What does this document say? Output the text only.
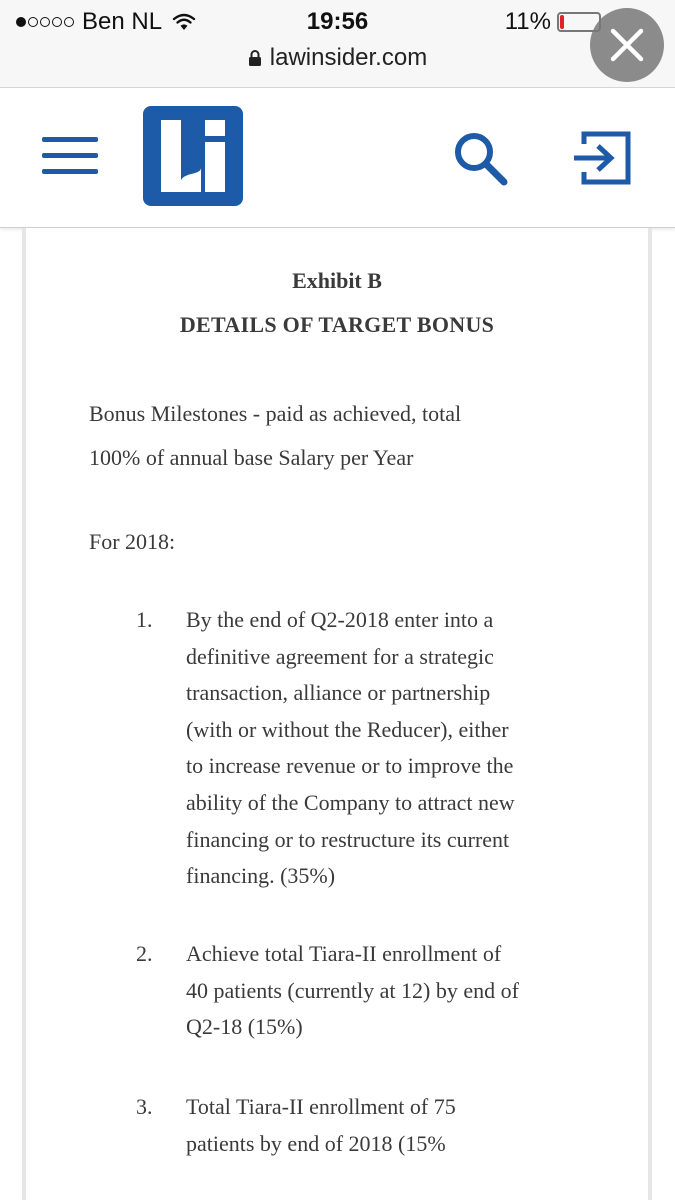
Ben NL	19:56	11%
lawinsider.com
Exhibit B
DETAILS OF TARGET BONUS
Bonus Milestones - paid as achieved, total
100% of annual base Salary per Year
For 2018:
1. By the end of Q2-2018 enter into a
definitive agreement for a strategic
transaction, alliance or partnership
(with or without the Reducer), either
to increase revenue or to improve the
ability of the Company to attract new
financing or to restructure its current
financing. (35%)
2. Achieve total Tiara-II enrollment of
40 patients (currently at 12) by end of
Q2-18 (15%)
3. Total Tiara-II enrollment of 75
patients by end of 2018 (15%
